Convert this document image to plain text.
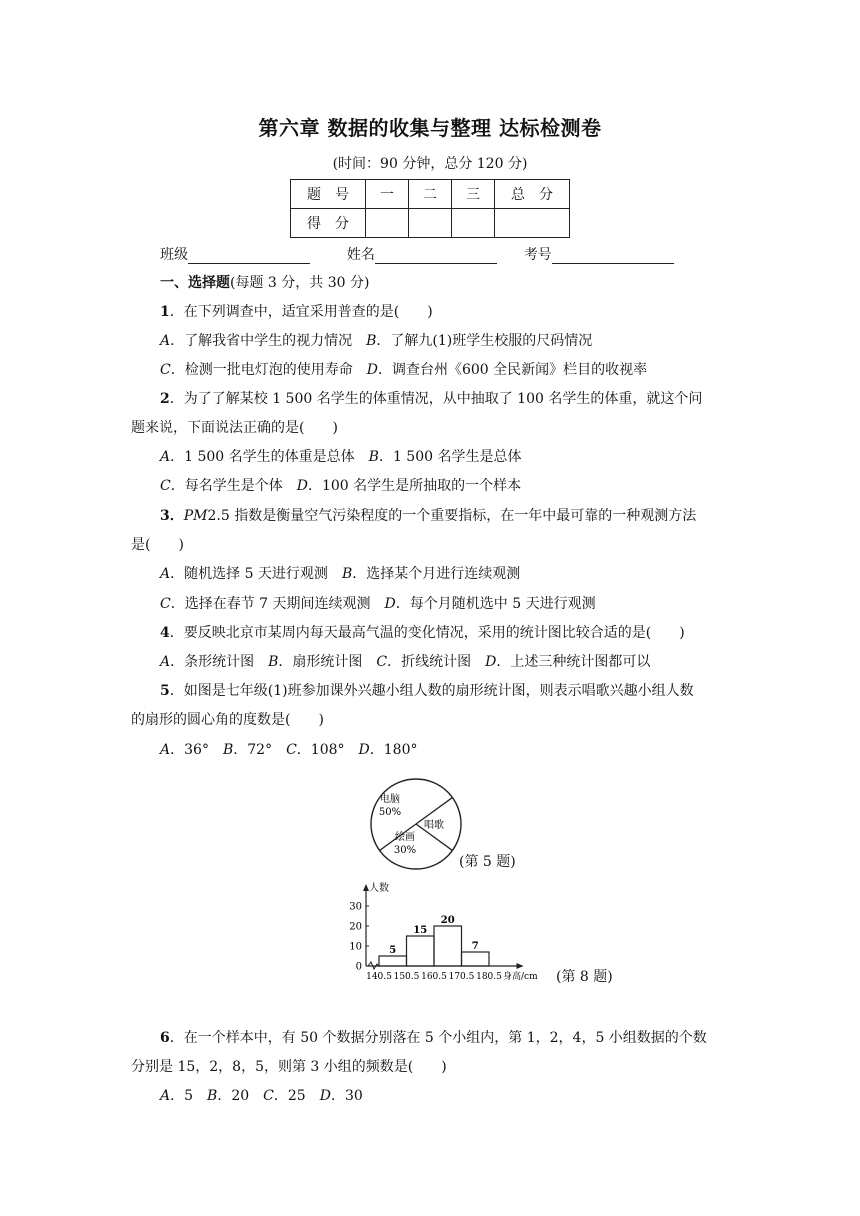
第六章 数据的收集与整理 达标检测卷
(时间：90 分钟，总分 120 分)
题　号	一	二	三	总　分
得　分				
班级	姓名	考号
一、选择题(每题 3 分，共 30 分)
1．在下列调查中，适宜采用普查的是(　　)
A．了解我省中学生的视力情况　B．了解九(1)班学生校服的尺码情况
C．检测一批电灯泡的使用寿命　D．调查台州《600 全民新闻》栏目的收视率
2．为了了解某校 1 500 名学生的体重情况，从中抽取了 100 名学生的体重，就这个问
题来说，下面说法正确的是(　　)
A．1 500 名学生的体重是总体　B．1 500 名学生是总体
C．每名学生是个体　D．100 名学生是所抽取的一个样本
3．PM2.5 指数是衡量空气污染程度的一个重要指标，在一年中最可靠的一种观测方法
是(　　)
A．随机选择 5 天进行观测　B．选择某个月进行连续观测
C．选择在春节 7 天期间连续观测　D．每个月随机选中 5 天进行观测
4．要反映北京市某周内每天最高气温的变化情况，采用的统计图比较合适的是(　　)
A．条形统计图　B．扇形统计图　C．折线统计图　D．上述三种统计图都可以
5．如图是七年级(1)班参加课外兴趣小组人数的扇形统计图，则表示唱歌兴趣小组人数
的扇形的圆心角的度数是(　　)
A．36°　B．72°　C．108°　D．180°
电脑
50%
唱歌
绘画
30%
(第 5 题)
人数
0
10
20
30
5
15
20
7
140.5 150.5 160.5 170.5 180.5 身高/cm (第 8 题)
6．在一个样本中，有 50 个数据分别落在 5 个小组内，第 1，2，4，5 小组数据的个数
分别是 15，2，8，5，则第 3 小组的频数是(　　)
A．5　B．20　C．25　D．30
